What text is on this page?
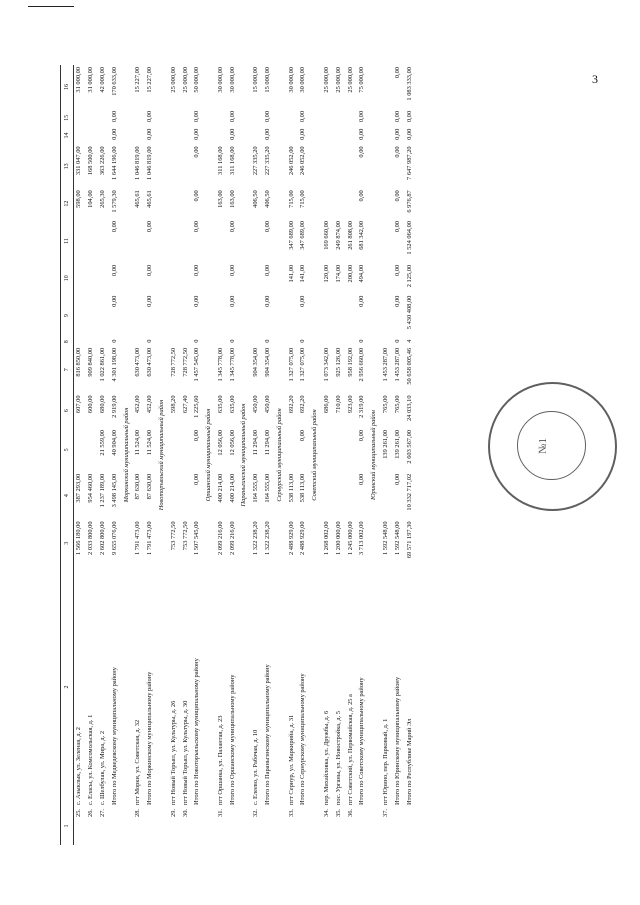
3
1	2	3	4	5	6	7	8	9	10	11	12	13	14	15	16
25.	с. Аэыклык, ул. Зеленая, д. 2	1 566 180,00	387 293,00		607,00	816 850,00					598,00	331 047,00			31 000,00
26.	с. Еласы, ул. Комсомольская, д. 1	2 033 800,00	954 460,00		600,00	909 840,00					104,00	168 500,00			31 000,00
27.	с. Шелбулак, ул. Мира, д. 2	2 602 800,00	1 237 189,00	21 559,00	680,00	1 022 861,00					265,30	363 226,00			42 000,00
	Итого по Медведевскому муниципальному району	9 655 076,00	3 498 145,00	40 904,00	2 919,00	4 301 198,00	0	0,00	0,00	0,00	1 579,30	1 644 196,00	0,00	0,00	170 633,00
Моркинский муниципальный район															
28.	пгт Морки, ул. Советская, д. 32	1 791 473,00	87 630,00	11 524,00	452,00	630 473,00					465,61	1 046 819,00			15 227,00
	Итого по Моркинскому муниципальному району	1 791 473,00	87 630,00	11 524,00	452,00	630 473,00	0	0,00	0,00	0,00	465,61	1 046 819,00	0,00	0,00	15 227,00
Новоторъяльский муниципальный район															
29.	пгт Новый Торъял, ул. Культуры, д. 26	753 772,50			598,20	728 772,50									25 000,00
30.	пгт Новый Торъял, ул. Культуры, д. 30	753 772,50			627,40	728 772,50									25 000,00
	Итого по Новоторъяльскому муниципальному району	1 507 545,00	0,00	0,00	1 225,60	1 457 545,00	0	0,00	0,00	0,00	0,00	0,00	0,00	0,00	50 000,00
Оршанский муниципальный район															
31.	пгт Оршанка, ул. Палантая, д. 23	2 099 216,00	400 214,00	12 056,00	635,00	1 345 778,00					163,00	311 168,00			30 000,00
	Итого по Оршанскому муниципальному району	2 099 216,00	400 214,00	12 056,00	635,00	1 345 778,00	0	0,00	0,00	0,00	163,00	311 168,00	0,00	0,00	30 000,00
Параньгинский муниципальный район															
32.	с. Елеево, ул. Рабочая, д. 10	1 322 238,20	164 555,00	11 294,00	450,00	904 354,00					406,50	227 335,20			15 000,00
	Итого по Параньгинскому муниципальному району	1 322 238,20	164 555,00	11 294,00	450,00	904 354,00	0	0,00	0,00	0,00	406,50	227 335,20	0,00	0,00	15 000,00
Сернурский муниципальный район															
33.	пгт Сернур, ул. Маркирийа, д. 31	2 488 929,00	538 113,00		692,20	1 327 075,00			141,00	347 689,00	715,00	246 052,00			30 000,00
	Итого по Сернурскому муниципальному району	2 488 929,00	538 113,00	0,00	692,20	1 327 075,00	0	0,00	141,00	347 689,00	715,00	246 052,00	0,00	0,00	30 000,00
Советский муниципальный район															
34.	пер. Михайловка, ул. Дружбы, д. 6	1 268 002,00			686,00	1 073 342,00			120,00	169 660,00					25 000,00
35.	пос. Урганы, ул. Новостройка, д. 5	1 200 000,00			710,00	925 126,00			174,00	249 874,00					25 000,00
36.	пгт Советский, ул. Первомайская, д. 25 а	1 245 000,00			923,00	958 192,00			200,00	261 808,00					25 000,00
	Итого по Советскому муниципальному району	3 713 002,00	0,00	0,00	2 319,00	2 956 660,00	0	0,00	494,00	681 342,00	0,00	0,00	0,00	0,00	75 000,00
Юринский муниципальный район															
37.	пгт Юрино, пер. Парковый, д. 1	1 592 548,00		139 261,00	765,00	1 453 287,00									
	Итого по Юринскому муниципальному району	1 592 548,00	0,00	139 261,00	765,00	1 453 287,00	0	0,00	0,00	0,00	0,00	0,00	0,00	0,00	0,00
	Итого по Республике Марий Эл	69 571 197,30	10 332 717,02	2 603 567,00	24 033,10	50 658 005,46	4	5 430 408,00	2 125,00	1 524 064,00	6 976,87	7 647 987,20	0,00	0,00	1 083 333,00
№1
